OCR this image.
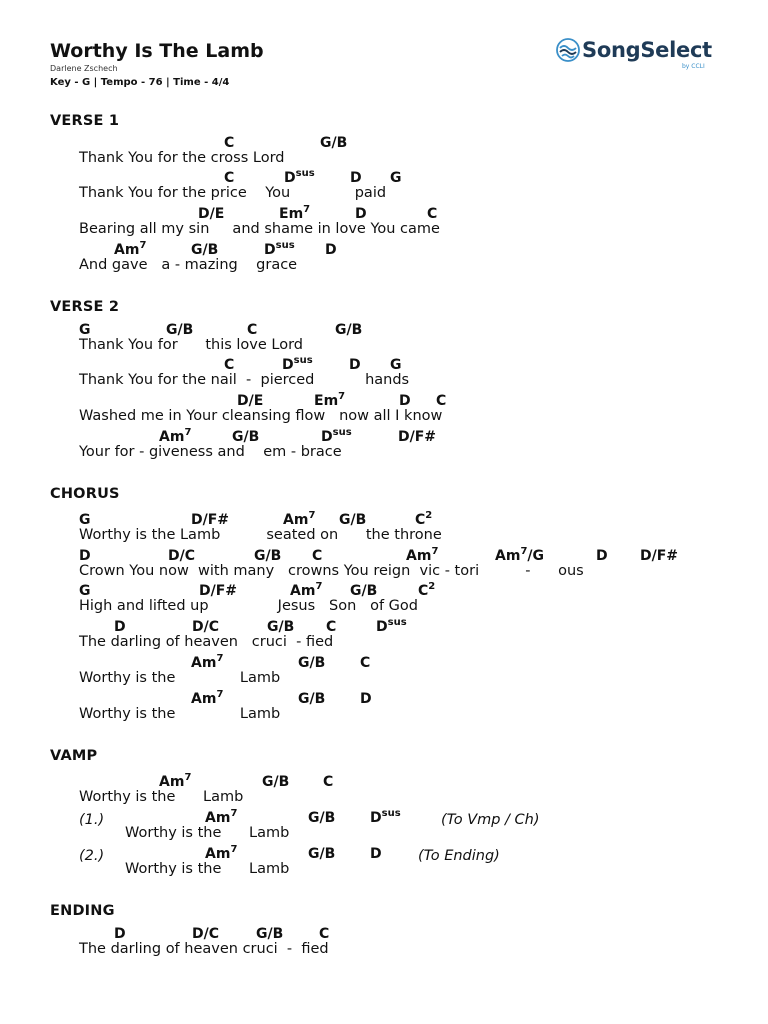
Worthy Is The Lamb
Darlene Zschech
Key - G | Tempo - 76 | Time - 4/4
SongSelect
by CCLI
VERSE 1
C	G/B
Thank You for the cross Lord
C	$D^{sus}$	D G
Thank You for the price    You              paid
D/E	Em$^7$	D	C
Bearing all my sin     and shame in love You came
Am$^7$	G/B	$D^{sus}$ D
And gave   a - mazing    grace
VERSE 2
G	G/B	C	G/B
Thank You for      this love Lord
C	$D^{sus}$	D G
Thank You for the nail  -  pierced           hands
D/E	Em$^7$	D C
Washed me in Your cleansing flow   now all I know
Am$^7$	G/B	$D^{sus}$	D/F#
Your for - giveness and    em - brace
CHORUS
G	D/F#	Am$^7$ G/B	$C^2$
Worthy is the Lamb          seated on      the throne
D	D/C	G/B C	Am$^7$	Am$^7$/G	D D/F#
Crown You now  with many   crowns You reign  vic - tori          -      ous
G	D/F#	Am$^7$ G/B	$C^2$
High and lifted up               Jesus   Son   of God
D	D/C	G/B C	$D^{sus}$
The darling of heaven   cruci  - fied
Am$^7$	G/B C
Worthy is the              Lamb
Am$^7$	G/B D
Worthy is the              Lamb
VAMP
Am$^7$	G/B C
Worthy is the      Lamb
Am$^7$	G/B $D^{sus}$
(1.)	(To Vmp / Ch)
Worthy is the      Lamb
Am$^7$	G/B D
(2.)	(To Ending)
Worthy is the      Lamb
ENDING
D	D/C	G/B	C
The darling of heaven cruci  -  fied
